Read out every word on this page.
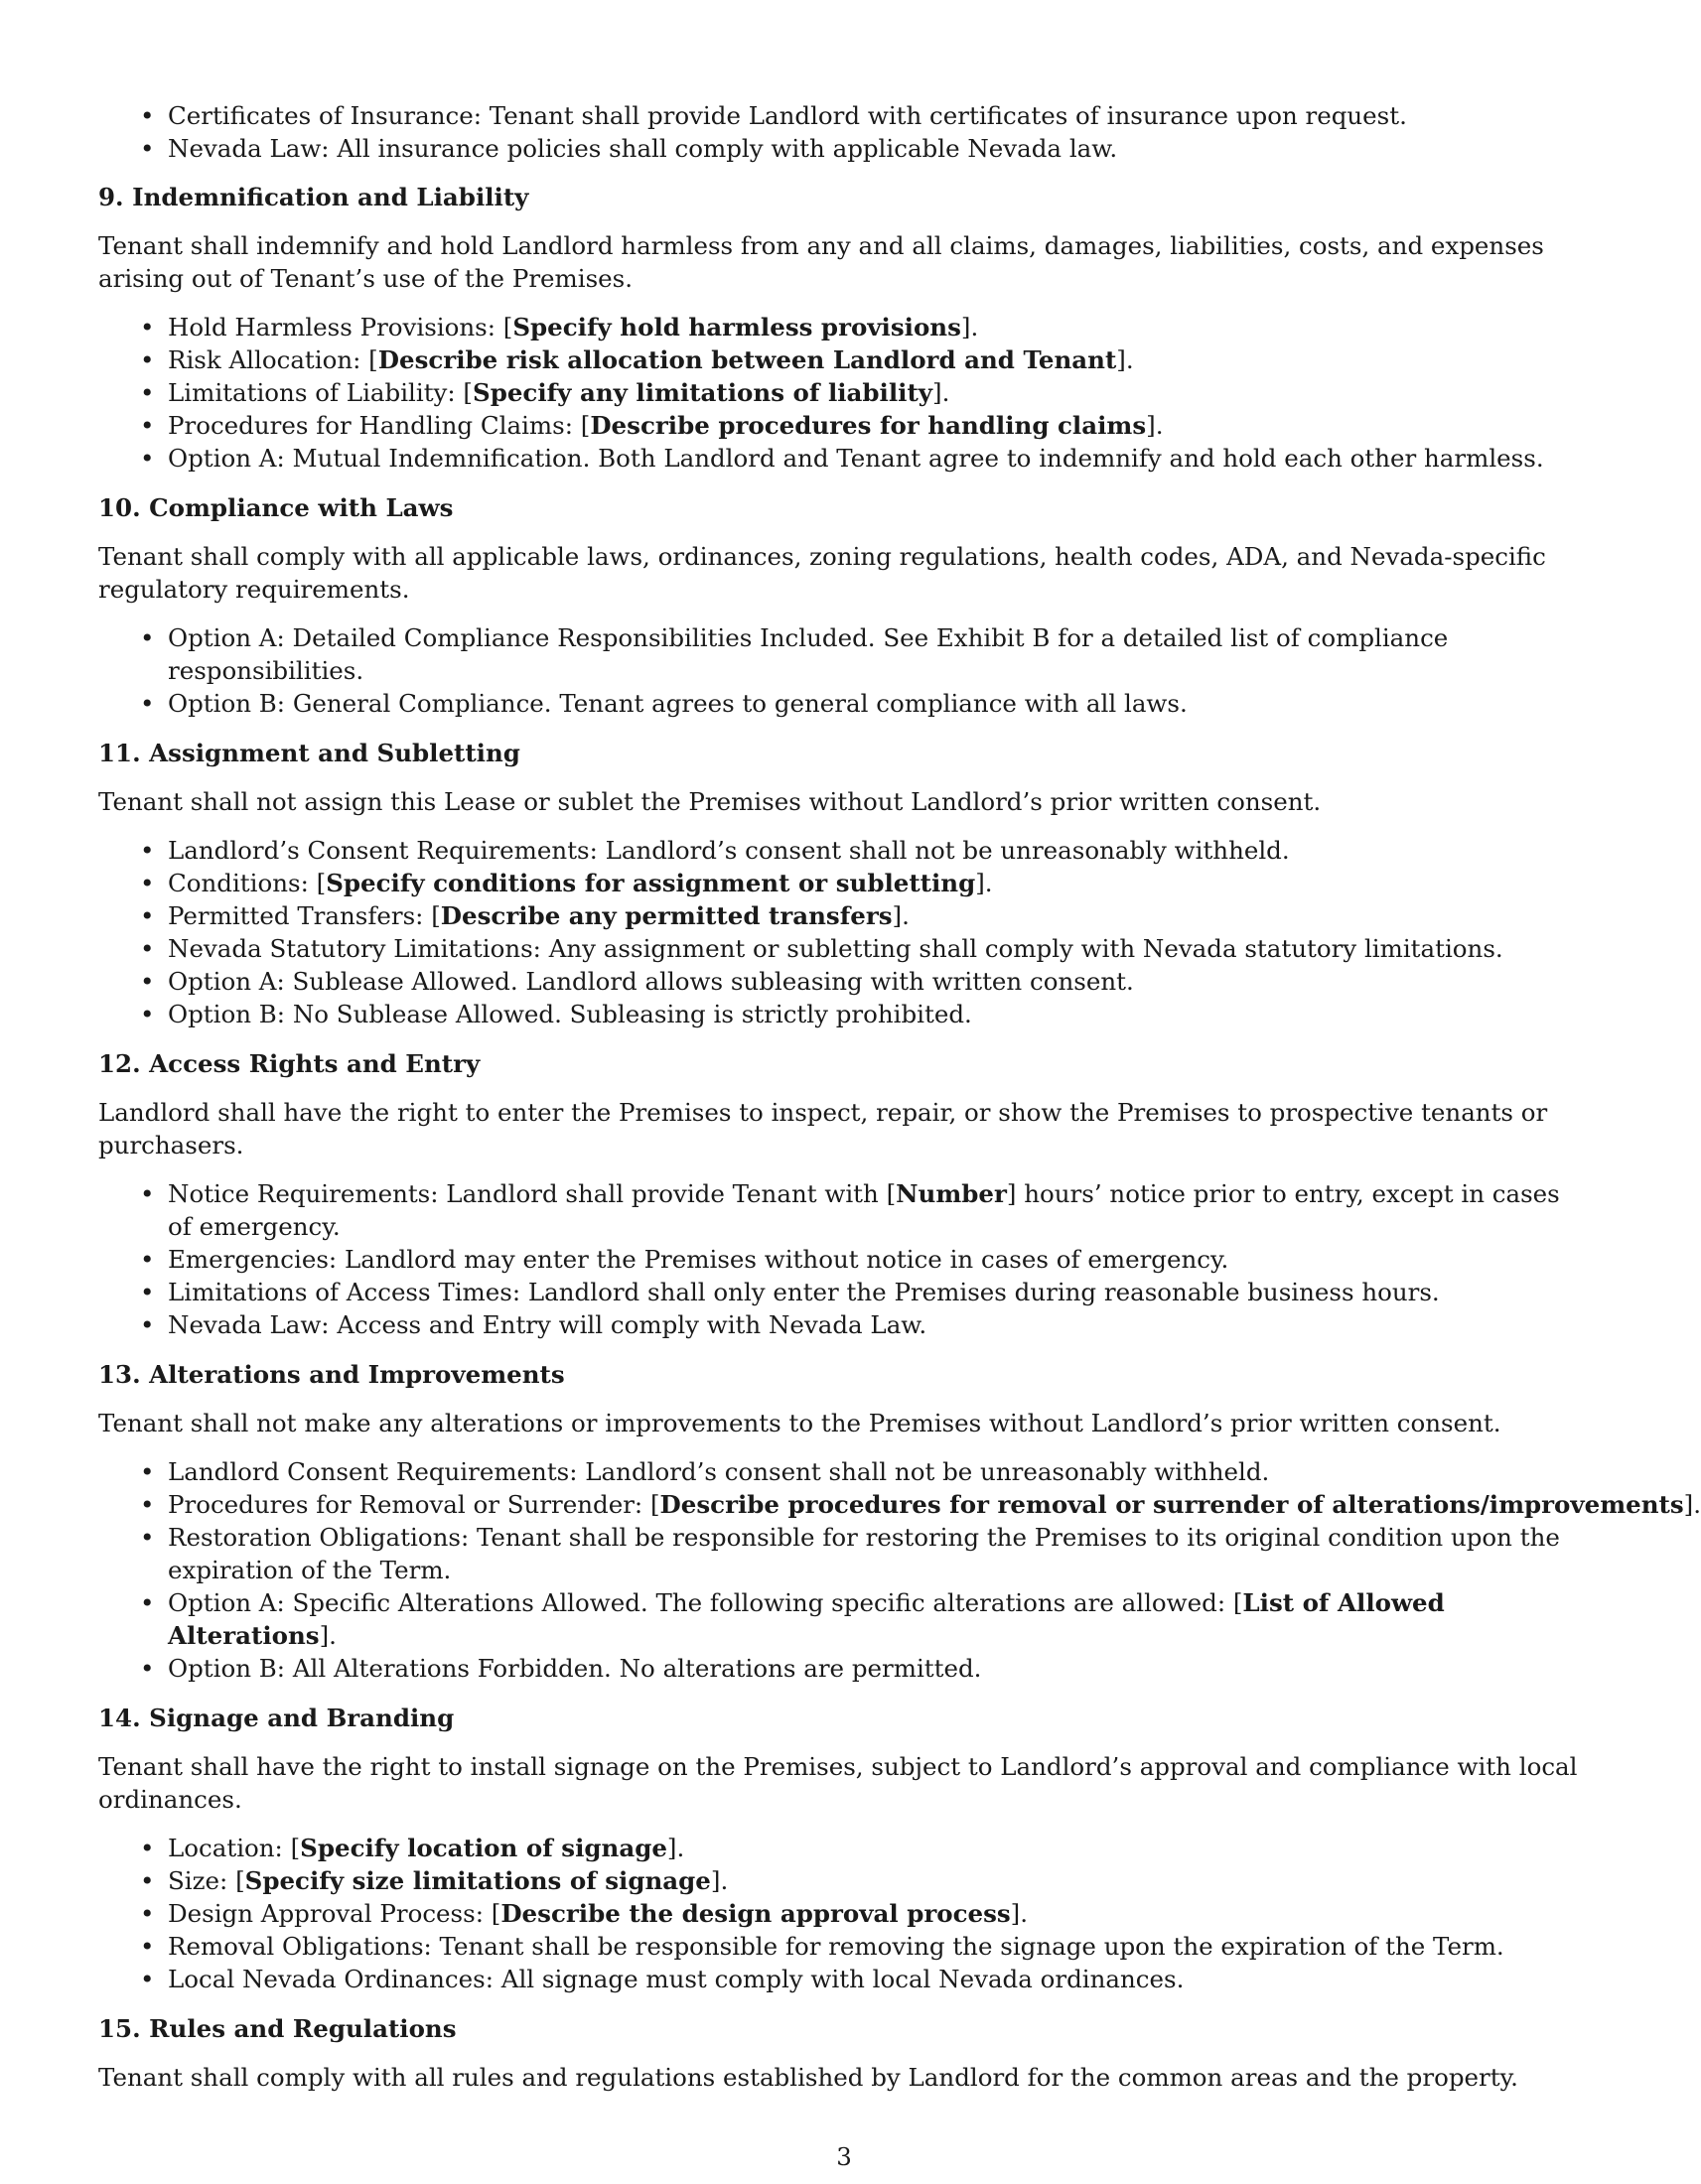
• Certificates of Insurance: Tenant shall provide Landlord with certificates of insurance upon request.
• Nevada Law: All insurance policies shall comply with applicable Nevada law.
9. Indemnification and Liability

Tenant shall indemnify and hold Landlord harmless from any and all claims, damages, liabilities, costs, and expenses arising out of Tenant’s use of the Premises.

• Hold Harmless Provisions: [Specify hold harmless provisions].
• Risk Allocation: [Describe risk allocation between Landlord and Tenant].
• Limitations of Liability: [Specify any limitations of liability].
• Procedures for Handling Claims: [Describe procedures for handling claims].
• Option A: Mutual Indemnification. Both Landlord and Tenant agree to indemnify and hold each other harmless.
10. Compliance with Laws

Tenant shall comply with all applicable laws, ordinances, zoning regulations, health codes, ADA, and Nevada-specific regulatory requirements.

• Option A: Detailed Compliance Responsibilities Included. See Exhibit B for a detailed list of compliance responsibilities.
• Option B: General Compliance. Tenant agrees to general compliance with all laws.
11. Assignment and Subletting

Tenant shall not assign this Lease or sublet the Premises without Landlord’s prior written consent.

• Landlord’s Consent Requirements: Landlord’s consent shall not be unreasonably withheld.
• Conditions: [Specify conditions for assignment or subletting].
• Permitted Transfers: [Describe any permitted transfers].
• Nevada Statutory Limitations: Any assignment or subletting shall comply with Nevada statutory limitations.
• Option A: Sublease Allowed. Landlord allows subleasing with written consent.
• Option B: No Sublease Allowed. Subleasing is strictly prohibited.
12. Access Rights and Entry

Landlord shall have the right to enter the Premises to inspect, repair, or show the Premises to prospective tenants or purchasers.

• Notice Requirements: Landlord shall provide Tenant with [Number] hours’ notice prior to entry, except in cases of emergency.
• Emergencies: Landlord may enter the Premises without notice in cases of emergency.
• Limitations of Access Times: Landlord shall only enter the Premises during reasonable business hours.
• Nevada Law: Access and Entry will comply with Nevada Law.
13. Alterations and Improvements

Tenant shall not make any alterations or improvements to the Premises without Landlord’s prior written consent.

• Landlord Consent Requirements: Landlord’s consent shall not be unreasonably withheld.
• Procedures for Removal or Surrender: [Describe procedures for removal or surrender of alterations/improvements].
• Restoration Obligations: Tenant shall be responsible for restoring the Premises to its original condition upon the expiration of the Term.
• Option A: Specific Alterations Allowed. The following specific alterations are allowed: [List of Allowed Alterations].
• Option B: All Alterations Forbidden. No alterations are permitted.
14. Signage and Branding

Tenant shall have the right to install signage on the Premises, subject to Landlord’s approval and compliance with local ordinances.

• Location: [Specify location of signage].
• Size: [Specify size limitations of signage].
• Design Approval Process: [Describe the design approval process].
• Removal Obligations: Tenant shall be responsible for removing the signage upon the expiration of the Term.
• Local Nevada Ordinances: All signage must comply with local Nevada ordinances.
15. Rules and Regulations

Tenant shall comply with all rules and regulations established by Landlord for the common areas and the property.

3
